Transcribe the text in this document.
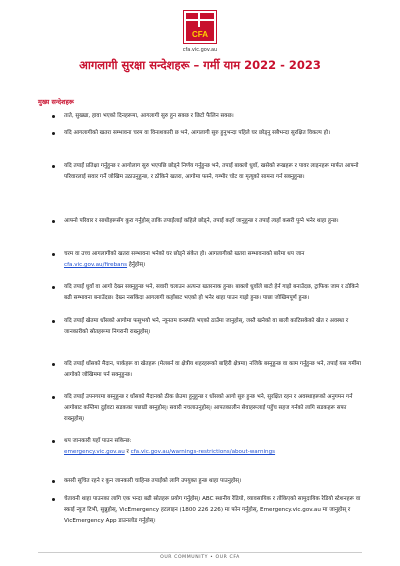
CFA
cfa.vic.gov.au
आगलागी सुरक्षा सन्देशहरू – गर्मी याम 2022 - 2023
मुख्य सन्देशहरू
ताते, सुख्खा, हावा भएको दिनहरूमा, आगलागी सुरु हुन सक्छ र छिटो फैलिन सक्छ।
यदि आगलागीको खतरा सम्भावना चरम वा विनाशकारी छ भने, आगलागी सुरु हुनुभन्दा पहिले घर छोड्नु सबैभन्दा सुरक्षित विकल्प हो।
यदि तपाईं प्रतिक्षा गर्नुहुन्छ र आगोलाग सुरु भएपछि छोड्ने निर्णय गर्नुहुन्छ भने, तपाईं बाक्लो धुवाँ, खसेको रूखहरू र पावर लाइनहरू मार्फत आफ्नो परिवारलाई सवार गर्ने जोखिम उठाउनुहुन्छ, र ठोकिने खतरा, आगोमा फस्ने, गम्भीर चोट वा मृत्युको सामना गर्न सक्नुहुन्छ।
आफ्नो परिवार र साथीहरूसँग कुरा गर्नुहोस् ताकि तपाईंलाई कहिले छोड्ने, तपाईं कहाँ जानुहुन्छ र तपाईं त्यहाँ कसरी पुग्ने भनेर थाहा हुन्छ।
चरम वा उच्च आगलागीको खतरा सम्भावना भनेको घर छोड्ने संकेत हो। आगलागीको खतरा सम्भावनाको बारेमा थप जान cfa.vic.gov.au/firebans हेर्नुहोस्।
यदि तपाईं धुवाँ वा आगो देख्न सक्नुहुन्छ भने, सवारी चलाउन अत्यन्त खतरनाक हुन्छ। बाक्लो धुवाँले बाटो हेर्न गाह्रो बनाउँदछ, ट्राफिक जाम र ठोकिने बढी सम्भावना बनाउँदछ। देख्न नसकिंदा आगलागी कहाँबाट भएको हो भनेर थाहा पाउन गाह्रो हुन्छ। पाछा जोखिमपूर्ण हुन्छ।
यदि तपाईं खेतमा धाँसको आगोमा फसुभयो भने, न्यूनतम वनस्पति भएको ठाउँमा जानुहोस्, जस्तै खनेको वा बाली काटिसकेको खेत र अवस्था र जानकारीको स्रोतहरूमा निगरानी राख्नुहोस्।
यदि तपाईं धाँसको मैदान, पार्कहरू वा खेतहरू (मेलबर्न वा क्षेत्रीय शहरहरूको बाहिरी क्षेत्रमा) नजिके बस्नुहुन्छ वा काम गर्नुहुन्छ भने, तपाईं यस गर्मीमा आगोको जोखिममा पर्न सक्नुहुन्छ।
यदि तपाईं उपनगरमा बस्नुहुन्छ र धाँसको मैदानको ठीक छेउमा हुनुहुन्छ र धाँसको आगो सुरु हुन्छ भने, सुरक्षित रहन र अवस्थाहरूको अनुगमन गर्न आगोबाट कम्तिमा दुईवटा सडकका पछाडी बस्नुहोस्। सवारी नचलाउनुहोस्। आपतकालीन सेवाहरूलाई पहुँच सहज गर्नको लागि सडकहरू सफा राख्नुहोस्।
थप जानकारी यहाँ पाउन सकिन्छ:
emergency.vic.gov.au र cfa.vic.gov.au/warnings-restrictions/about-warnings
कसरी सूचित रहने र कुन जानकारी चाहिन्छ तपाईंको लागि उपयुक्त हुन्छ थाहा पाउनुहोस्।
चेतावनी थाहा पाउनका लागि एक भन्दा बढी स्रोतहरू प्रयोग गर्नुहोस्। ABC स्थानीय रेडियो, व्यावसायिक र तोकिएको सामुदायिक रेडियो स्टेशनहरू वा स्काई न्यूज टिभी, सुन्नुहोस्, VicEmergency हटलाइन (1800 226 226) मा फोन गर्नुहोस्, Emergency.vic.gov.au मा जानुहोस् र VicEmergency App डाउनलोड गर्नुहोस्।
OUR COMMUNITY • OUR CFA
